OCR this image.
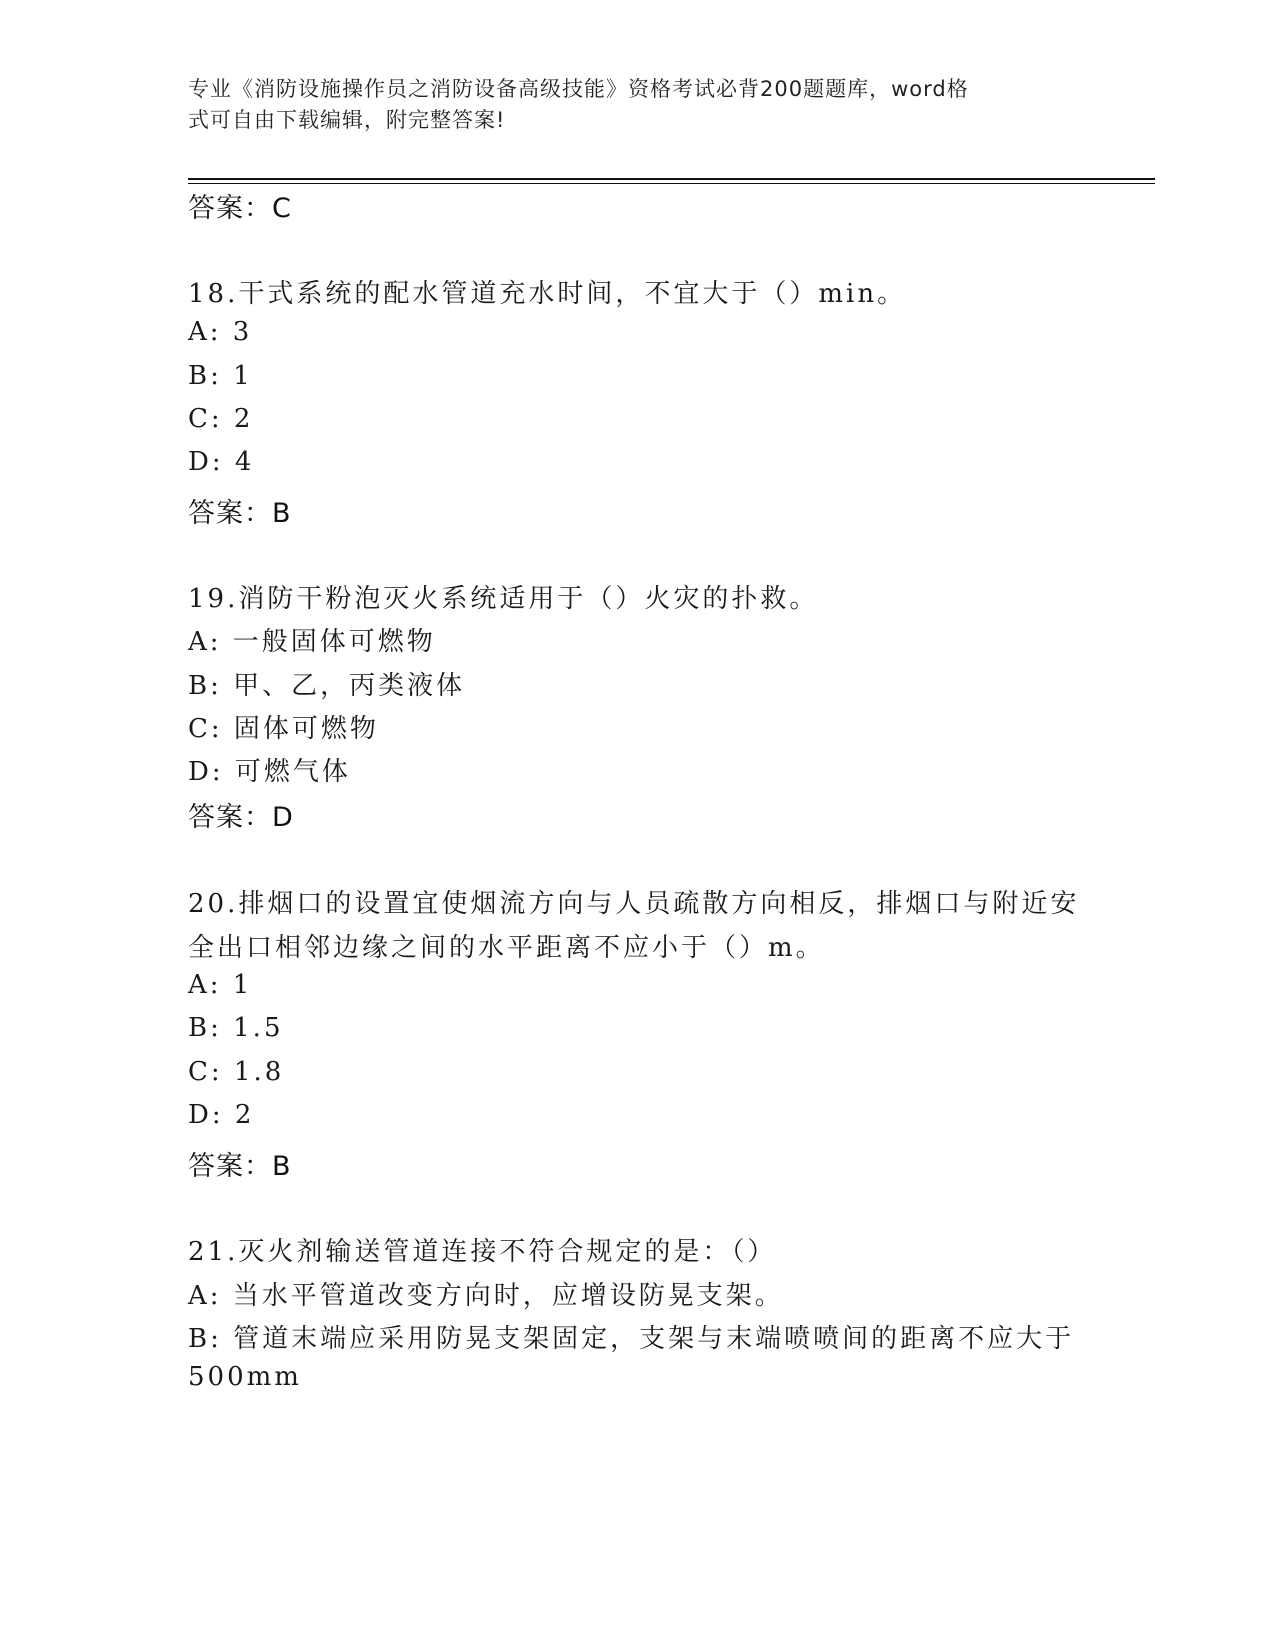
专业《消防设施操作员之消防设备高级技能》资格考试必背200题题库，word格
式可自由下载编辑，附完整答案!
答案：C
18.干式系统的配水管道充水时间，不宜大于（）min。
A: 3
B: 1
C: 2
D: 4
答案：B
19.消防干粉泡灭火系统适用于（）火灾的扑救。
A: 一般固体可燃物
B: 甲、乙，丙类液体
C: 固体可燃物
D: 可燃气体
答案：D
20.排烟口的设置宜使烟流方向与人员疏散方向相反，排烟口与附近安
全出口相邻边缘之间的水平距离不应小于（）m。
A: 1
B: 1.5
C: 1.8
D: 2
答案：B
21.灭火剂输送管道连接不符合规定的是：（）
A: 当水平管道改变方向时，应增设防晃支架。
B: 管道末端应采用防晃支架固定，支架与末端喷喷间的距离不应大于
500mm
